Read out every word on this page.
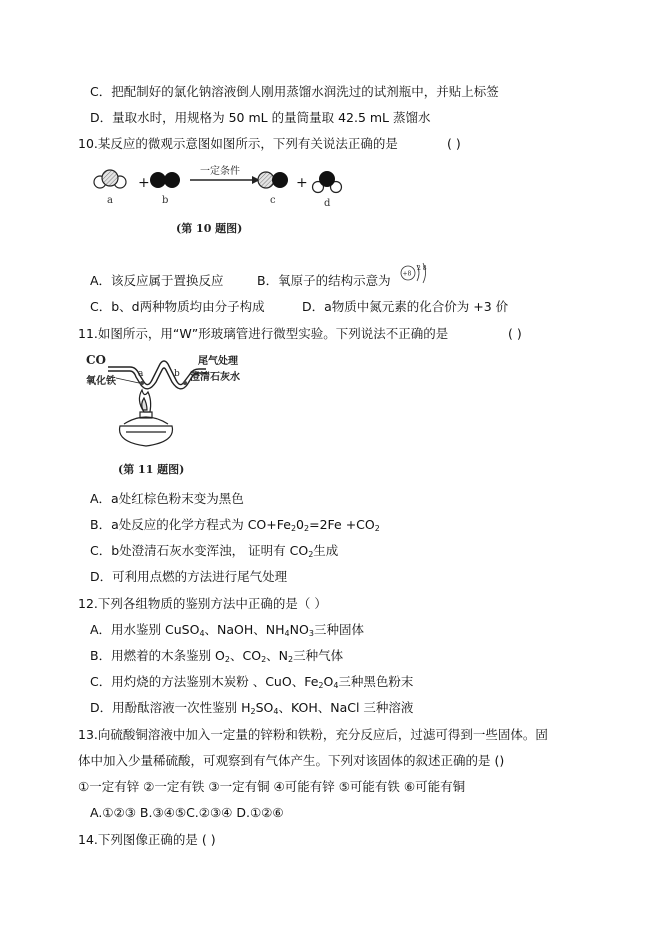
C．把配制好的氯化钠溶液倒人刚用蒸馏水润洗过的试剂瓶中，并贴上标签
D．量取水时，用规格为 50 mL 的量筒量取 42.5 mL 蒸馏水
10.某反应的微观示意图如图所示，下列有关说法正确的是	( )
+
一定条件
+
a	b	c	d
(第 10 题图)
A．该反应属于置换反应	B．氧原子的结构示意为 +8
2 8
C．b、d两种物质均由分子构成	D．a物质中氮元素的化合价为 +3 价
11.如图所示，用“W”形玻璃管进行微型实验。下列说法不正确的是	( )
CO
氧化铁
a	b
尾气处理
澄清石灰水
(第 11 题图)
A．a处红棕色粉末变为黑色
B．a处反应的化学方程式为 $CO+Fe_20_2=2Fe +CO_2$
C．b处澄清石灰水变浑浊， 证明有 $CO_2$生成
D．可利用点燃的方法进行尾气处理
12.下列各组物质的鉴别方法中正确的是（ ）
A．用水鉴别 CuSO$_4$、NaOH、$NH_4NO_3$三种固体
B．用燃着的木条鉴别 $O_2$、$CO_2$、$N_2$三种气体
C．用灼烧的方法鉴别木炭粉 、CuO、$Fe_2O_4$三种黑色粉末
D．用酚酞溶液一次性鉴别 $H_2SO_4$、KOH、NaCl 三种溶液
13.向硫酸铜溶液中加入一定量的锌粉和铁粉，充分反应后，过滤可得到一些固体。固
体中加入少量稀硫酸，可观察到有气体产生。下列对该固体的叙述正确的是 ()
①一定有锌 ②一定有铁 ③一定有铜 ④可能有锌 ⑤可能有铁 ⑥可能有铜
A.①②③ B.③④⑤C.②③④ D.①②⑥
14.下列图像正确的是 ( )
